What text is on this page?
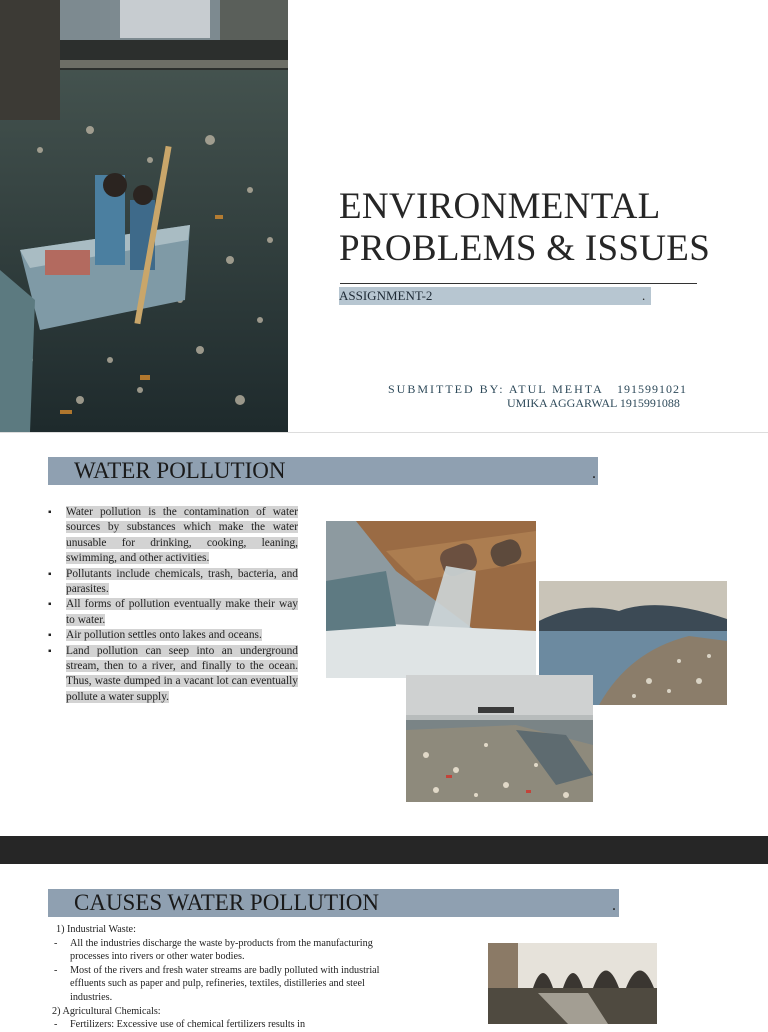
ENVIRONMENTAL
PROBLEMS & ISSUES
ASSIGNMENT-2	.
SUBMITTED BY: ATUL MEHTA 1915991021
UMIKA AGGARWAL 1915991088
WATER POLLUTION	.
▪ Water pollution is the contamination of water sources by substances which make the water unusable for drinking, cooking, leaning, swimming, and other activities.
▪ Pollutants include chemicals, trash, bacteria, and parasites.
▪ All forms of pollution eventually make their way to water.
▪ Air pollution settles onto lakes and oceans.
▪ Land pollution can seep into an underground stream, then to a river, and finally to the ocean. Thus, waste dumped in a vacant lot can eventually pollute a water supply.
CAUSES WATER POLLUTION	.

1) Industrial Waste:

- All the industries discharge the waste by-products from the manufacturing processes into rivers or other water bodies.

- Most of the rivers and fresh water streams are badly polluted with industrial effluents such as paper and pulp, refineries, textiles, distilleries and steel industries.

2) Agricultural Chemicals:

- Fertilizers: Excessive use of chemical fertilizers results in
